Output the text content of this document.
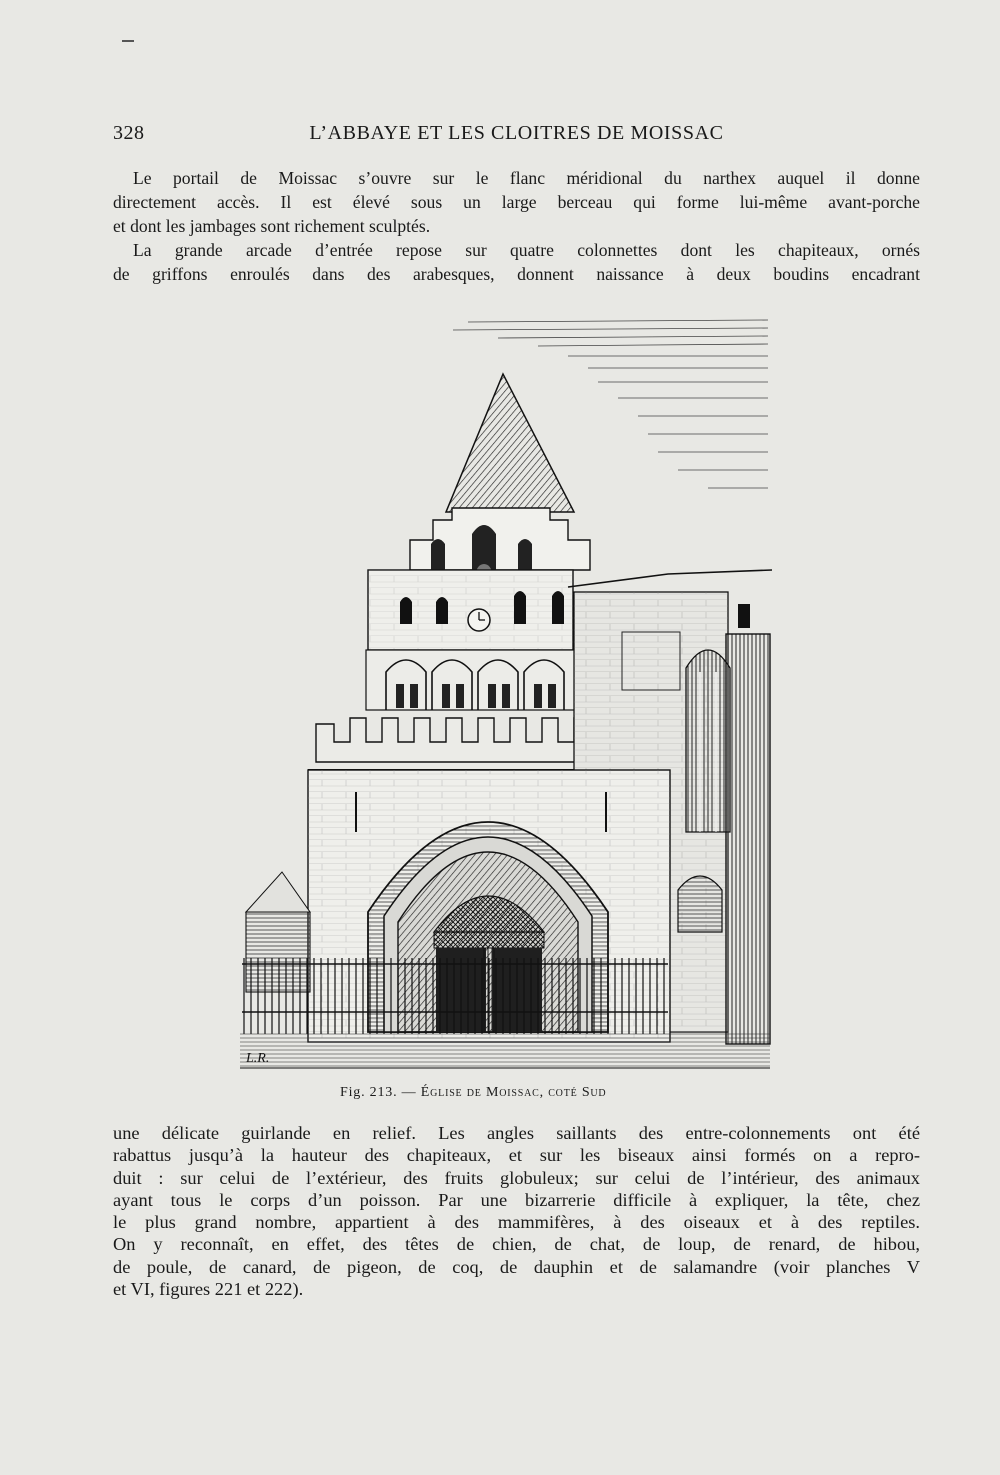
328	L’ABBAYE ET LES CLOITRES DE MOISSAC

Le portail de Moissac s’ouvre sur le flanc méridional du narthex auquel il donne
directement accès. Il est élevé sous un large berceau qui forme lui-même avant-porche
et dont les jambages sont richement sculptés.

La grande arcade d’entrée repose sur quatre colonnettes dont les chapiteaux, ornés
de griffons enroulés dans des arabesques, donnent naissance à deux boudins encadrant

L.R.
Fig. 213. — Église de Moissac, coté Sud

une délicate guirlande en relief. Les angles saillants des entre-colonnements ont été
rabattus jusqu’à la hauteur des chapiteaux, et sur les biseaux ainsi formés on a repro-
duit : sur celui de l’extérieur, des fruits globuleux; sur celui de l’intérieur, des animaux
ayant tous le corps d’un poisson. Par une bizarrerie difficile à expliquer, la tête, chez
le plus grand nombre, appartient à des mammifères, à des oiseaux et à des reptiles.
On y reconnaît, en effet, des têtes de chien, de chat, de loup, de renard, de hibou,
de poule, de canard, de pigeon, de coq, de dauphin et de salamandre (voir planches V
et VI, figures 221 et 222).
